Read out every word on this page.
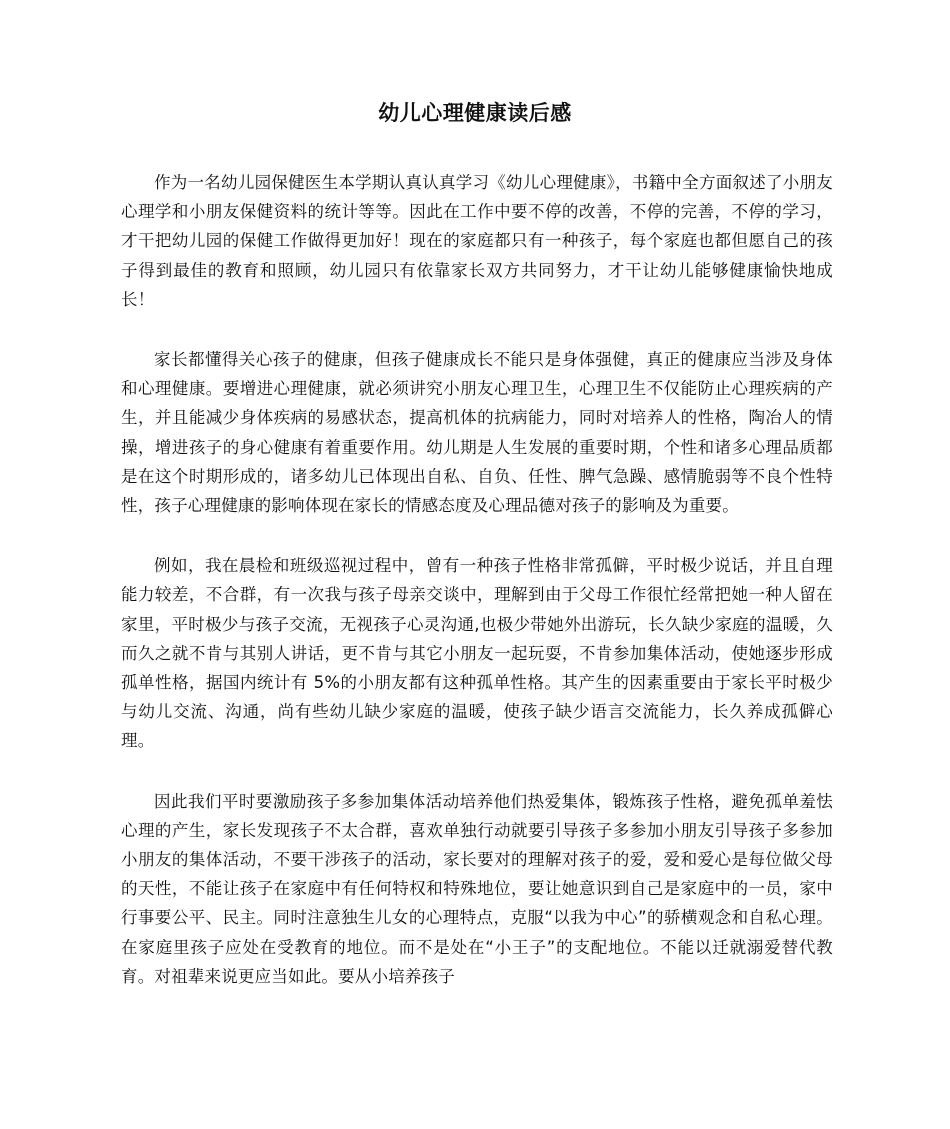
幼儿心理健康读后感

作为一名幼儿园保健医生本学期认真认真学习《幼儿心理健康》，书籍中全方面叙述了小朋友心理学和小朋友保健资料的统计等等。因此在工作中要不停的改善，不停的完善，不停的学习，才干把幼儿园的保健工作做得更加好！现在的家庭都只有一种孩子，每个家庭也都但愿自己的孩子得到最佳的教育和照顾，幼儿园只有依靠家长双方共同努力，才干让幼儿能够健康愉快地成长！

家长都懂得关心孩子的健康，但孩子健康成长不能只是身体强健，真正的健康应当涉及身体和心理健康。要增进心理健康，就必须讲究小朋友心理卫生，心理卫生不仅能防止心理疾病的产生，并且能减少身体疾病的易感状态，提高机体的抗病能力，同时对培养人的性格，陶冶人的情操，增进孩子的身心健康有着重要作用。幼儿期是人生发展的重要时期，个性和诸多心理品质都是在这个时期形成的，诸多幼儿已体现出自私、自负、任性、脾气急躁、感情脆弱等不良个性特性，孩子心理健康的影响体现在家长的情感态度及心理品德对孩子的影响及为重要。

例如，我在晨检和班级巡视过程中，曾有一种孩子性格非常孤僻，平时极少说话，并且自理能力较差，不合群，有一次我与孩子母亲交谈中，理解到由于父母工作很忙经常把她一种人留在家里，平时极少与孩子交流，无视孩子心灵沟通,也极少带她外出游玩，长久缺少家庭的温暖，久而久之就不肯与其别人讲话，更不肯与其它小朋友一起玩耍，不肯参加集体活动，使她逐步形成孤单性格，据国内统计有 5%的小朋友都有这种孤单性格。其产生的因素重要由于家长平时极少与幼儿交流、沟通，尚有些幼儿缺少家庭的温暖，使孩子缺少语言交流能力，长久养成孤僻心理。

因此我们平时要激励孩子多参加集体活动培养他们热爱集体，锻炼孩子性格，避免孤单羞怯心理的产生，家长发现孩子不太合群，喜欢单独行动就要引导孩子多参加小朋友引导孩子多参加小朋友的集体活动，不要干涉孩子的活动，家长要对的理解对孩子的爱，爱和爱心是每位做父母的天性，不能让孩子在家庭中有任何特权和特殊地位，要让她意识到自己是家庭中的一员，家中行事要公平、民主。同时注意独生儿女的心理特点，克服“以我为中心”的骄横观念和自私心理。在家庭里孩子应处在受教育的地位。而不是处在“小王子”的支配地位。不能以迁就溺爱替代教育。对祖辈来说更应当如此。要从小培养孩子
